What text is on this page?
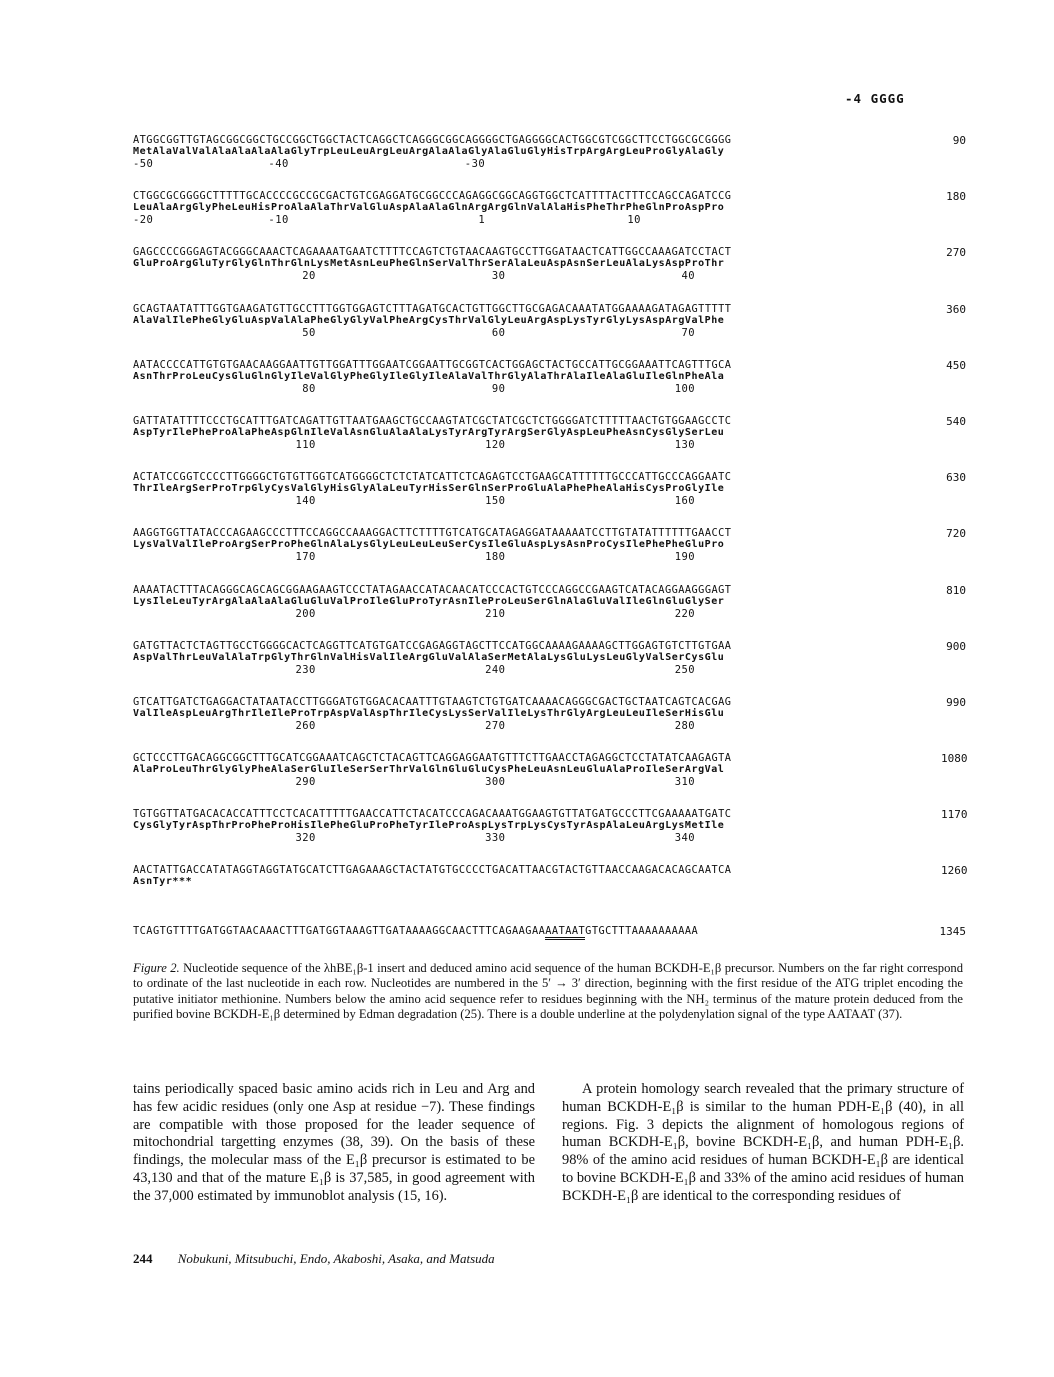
-4 GGGG
ATGGCGGTTGTAGCGGCGGCTGCCGGCTGGCTACTCAGGCTCAGGGCGGCAGGGGCTGAGGGGCACTGGCGTCGGCTTCCTGGCGCGGGG
MetAlaValValAlaAlaAlaAlaGlyTrpLeuLeuArgLeuArgAlaAlaGlyAlaGluGlyHisTrpArgArgLeuProGlyAlaGly
-50                 -40                          -30
90
CTGGCGCGGGGCTTTTTGCACCCCGCCGCGACTGTCGAGGATGCGGCCCAGAGGCGGCAGGTGGCTCATTTTACTTTCCAGCCAGATCCG
LeuAlaArgGlyPheLeuHisProAlaAlaThrValGluAspAlaAlaGlnArgArgGlnValAlaHisPheThrPheGlnProAspPro
-20                 -10                            1                     10
180
GAGCCCCGGGAGTACGGGCAAACTCAGAAAATGAATCTTTTCCAGTCTGTAACAAGTGCCTTGGATAACTCATTGGCCAAAGATCCTACT
GluProArgGluTyrGlyGlnThrGlnLysMetAsnLeuPheGlnSerValThrSerAlaLeuAspAsnSerLeuAlaLysAspProThr
20                          30                          40
270
GCAGTAATATTTGGTGAAGATGTTGCCTTTGGTGGAGTCTTTAGATGCACTGTTGGCTTGCGAGACAAATATGGAAAAGATAGAGTTTTT
AlaValIlePheGlyGluAspValAlaPheGlyGlyValPheArgCysThrValGlyLeuArgAspLysTyrGlyLysAspArgValPhe
50                          60                          70
360
AATACCCCATTGTGTGAACAAGGAATTGTTGGATTTGGAATCGGAATTGCGGTCACTGGAGCTACTGCCATTGCGGAAATTCAGTTTGCA
AsnThrProLeuCysGluGlnGlyIleValGlyPheGlyIleGlyIleAlaValThrGlyAlaThrAlaIleAlaGluIleGlnPheAla
80                          90                         100
450
GATTATATTTTCCCTGCATTTGATCAGATTGTTAATGAAGCTGCCAAGTATCGCTATCGCTCTGGGGATCTTTTTAACTGTGGAAGCCTC
AspTyrIlePheProAlaPheAspGlnIleValAsnGluAlaAlaLysTyrArgTyrArgSerGlyAspLeuPheAsnCysGlySerLeu
110                         120                         130
540
ACTATCCGGTCCCCTTGGGGCTGTGTTGGTCATGGGGCTCTCTATCATTCTCAGAGTCCTGAAGCATTTTTTGCCCATTGCCCAGGAATC
ThrIleArgSerProTrpGlyCysValGlyHisGlyAlaLeuTyrHisSerGlnSerProGluAlaPhePheAlaHisCysProGlyIle
140                         150                         160
630
AAGGTGGTTATACCCAGAAGCCCTTTCCAGGCCAAAGGACTTCTTTTGTCATGCATAGAGGATAAAAATCCTTGTATATTTTTTGAACCT
LysValValIleProArgSerProPheGlnAlaLysGlyLeuLeuLeuSerCysIleGluAspLysAsnProCysIlePhePheGluPro
170                         180                         190
720
AAAATACTTTACAGGGCAGCAGCGGAAGAAGTCCCTATAGAACCATACAACATCCCACTGTCCCAGGCCGAAGTCATACAGGAAGGGAGT
LysIleLeuTyrArgAlaAlaAlaGluGluValProIleGluProTyrAsnIleProLeuSerGlnAlaGluValIleGlnGluGlySer
200                         210                         220
810
GATGTTACTCTAGTTGCCTGGGGCACTCAGGTTCATGTGATCCGAGAGGTAGCTTCCATGGCAAAAGAAAAGCTTGGAGTGTCTTGTGAA
AspValThrLeuValAlaTrpGlyThrGlnValHisValIleArgGluValAlaSerMetAlaLysGluLysLeuGlyValSerCysGlu
230                         240                         250
900
GTCATTGATCTGAGGACTATAATACCTTGGGATGTGGACACAATTTGTAAGTCTGTGATCAAAACAGGGCGACTGCTAATCAGTCACGAG
ValIleAspLeuArgThrIleIleProTrpAspValAspThrIleCysLysSerValIleLysThrGlyArgLeuLeuIleSerHisGlu
260                         270                         280
990
GCTCCCTTGACAGGCGGCTTTGCATCGGAAATCAGCTCTACAGTTCAGGAGGAATGTTTCTTGAACCTAGAGGCTCCTATATCAAGAGTA
AlaProLeuThrGlyGlyPheAlaSerGluIleSerSerThrValGlnGluGluCysPheLeuAsnLeuGluAlaProIleSerArgVal
290                         300                         310
1080
TGTGGTTATGACACACCATTTCCTCACATTTTTGAACCATTCTACATCCCAGACAAATGGAAGTGTTATGATGCCCTTCGAAAAATGATC
CysGlyTyrAspThrProPheProHisIlePheGluProPheTyrIleProAspLysTrpLysCysTyrAspAlaLeuArgLysMetIle
320                         330                         340
1170
AACTATTGACCATATAGGTAGGTATGCATCTTGAGAAAGCTACTATGTGCCCCTGACATTAACGTACTGTTAACCAAGACACAGCAATCA
AsnTyr***
1260
TCAGTGTTTTGATGGTAACAAACTTTGATGGTAAAGTTGATAAAAGGCAACTTTCAGAAGAAAATAATGTGCTTTAAAAAAAAAA	1345
Figure 2. Nucleotide sequence of the λhBE₁β-1 insert and deduced amino acid sequence of the human BCKDH-E₁β precursor. Numbers on the far right correspond to ordinate of the last nucleotide in each row. Nucleotides are numbered in the 5′ → 3′ direction, beginning with the first residue of the ATG triplet encoding the putative initiator methionine. Numbers below the amino acid sequence refer to residues beginning with the NH₂ terminus of the mature protein deduced from the purified bovine BCKDH-E₁β determined by Edman degradation (25). There is a double underline at the polydenylation signal of the type AATAAT (37).

tains periodically spaced basic amino acids rich in Leu and Arg and has few acidic residues (only one Asp at residue −7). These findings are compatible with those proposed for the leader sequence of mitochondrial targetting enzymes (38, 39). On the basis of these findings, the molecular mass of the E₁β precursor is estimated to be 43,130 and that of the mature E₁β is 37,585, in good agreement with the 37,000 estimated by immunoblot analysis (15, 16).

A protein homology search revealed that the primary structure of human BCKDH-E₁β is similar to the human PDH-E₁β (40), in all regions. Fig. 3 depicts the alignment of homologous regions of human BCKDH-E₁β, bovine BCKDH-E₁β, and human PDH-E₁β. 98% of the amino acid residues of human BCKDH-E₁β are identical to bovine BCKDH-E₁β and 33% of the amino acid residues of human BCKDH-E₁β are identical to the corresponding residues of

244 Nobukuni, Mitsubuchi, Endo, Akaboshi, Asaka, and Matsuda
